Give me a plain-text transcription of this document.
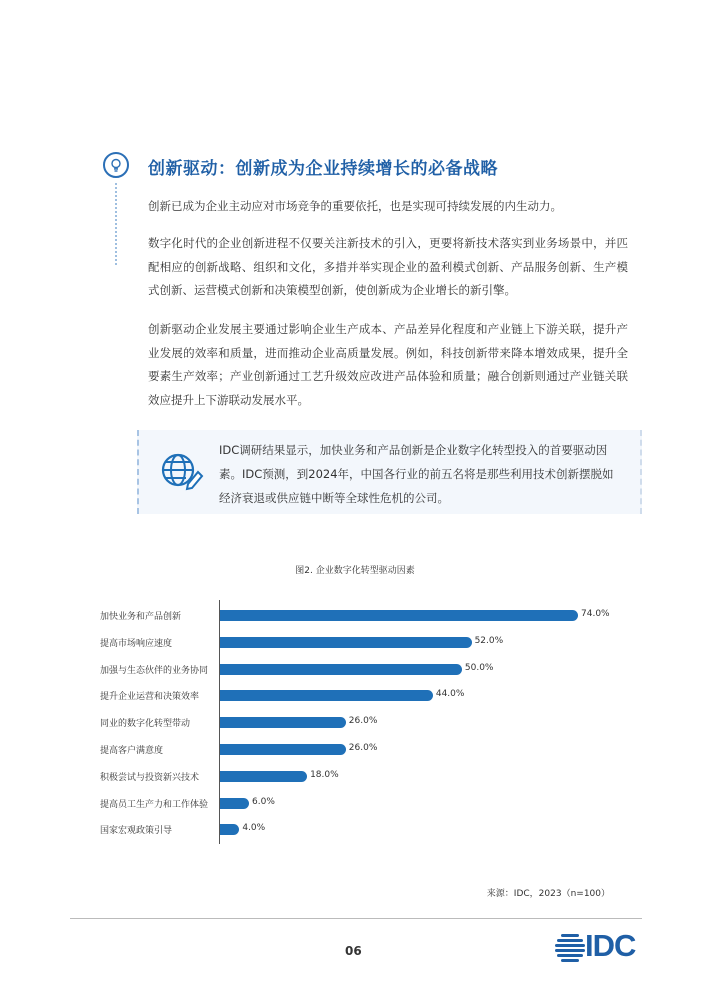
创新驱动：创新成为企业持续增长的必备战略
创新已成为企业主动应对市场竞争的重要依托，也是实现可持续发展的内生动力。
数字化时代的企业创新进程不仅要关注新技术的引入，更要将新技术落实到业务场景中，并匹配相应的创新战略、组织和文化，多措并举实现企业的盈利模式创新、产品服务创新、生产模式创新、运营模式创新和决策模型创新，使创新成为企业增长的新引擎。
创新驱动企业发展主要通过影响企业生产成本、产品差异化程度和产业链上下游关联，提升产业发展的效率和质量，进而推动企业高质量发展。例如，科技创新带来降本增效成果，提升全要素生产效率；产业创新通过工艺升级效应改进产品体验和质量；融合创新则通过产业链关联效应提升上下游联动发展水平。
IDC调研结果显示，加快业务和产品创新是企业数字化转型投入的首要驱动因素。IDC预测，到2024年，中国各行业的前五名将是那些利用技术创新摆脱如经济衰退或供应链中断等全球性危机的公司。
图2. 企业数字化转型驱动因素
加快业务和产品创新	74.0%
提高市场响应速度	52.0%
加强与生态伙伴的业务协同	50.0%
提升企业运营和决策效率	44.0%
同业的数字化转型带动	26.0%
提高客户满意度	26.0%
积极尝试与投资新兴技术	18.0%
提高员工生产力和工作体验	6.0%
国家宏观政策引导	4.0%
来源：IDC，2023（n=100）
06	IDC
